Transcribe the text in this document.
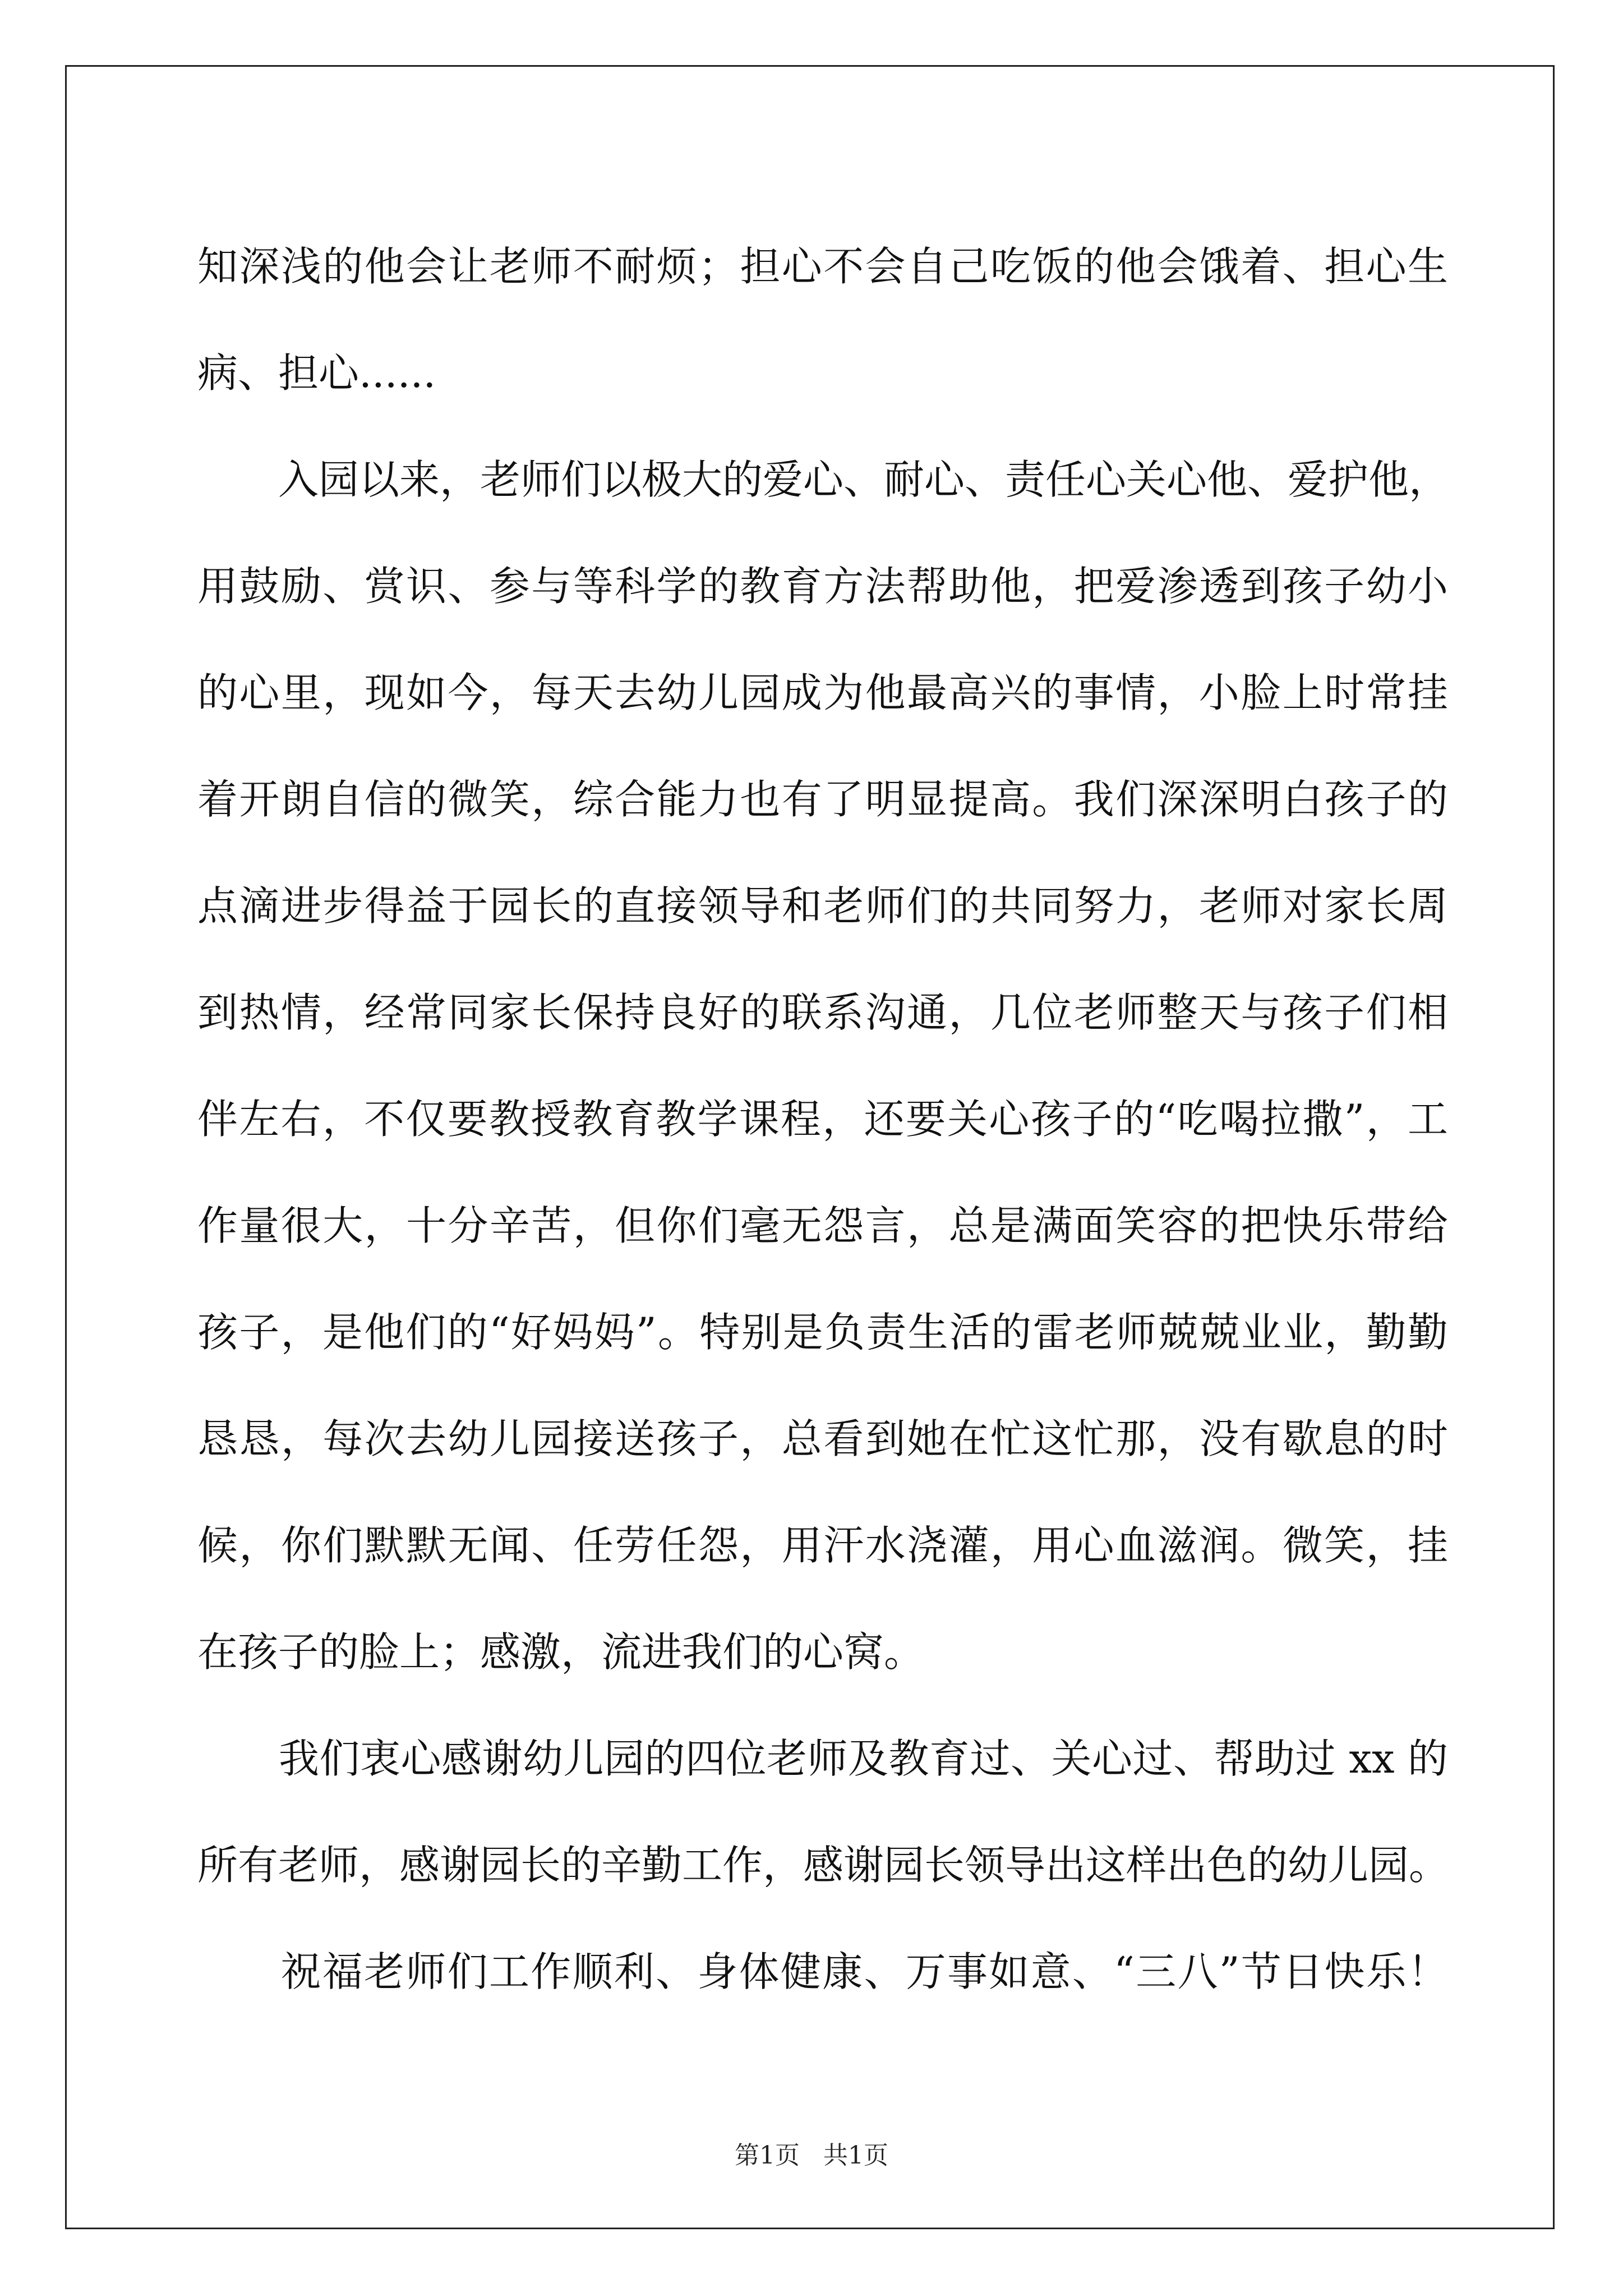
知深浅的他会让老师不耐烦；担心不会自己吃饭的他会饿着、担心生
病、担心......
　　入园以来，老师们以极大的爱心、耐心、责任心关心他、爱护他，
用鼓励、赏识、参与等科学的教育方法帮助他，把爱渗透到孩子幼小
的心里，现如今，每天去幼儿园成为他最高兴的事情，小脸上时常挂
着开朗自信的微笑，综合能力也有了明显提高。我们深深明白孩子的
点滴进步得益于园长的直接领导和老师们的共同努力，老师对家长周
到热情，经常同家长保持良好的联系沟通，几位老师整天与孩子们相
伴左右，不仅要教授教育教学课程，还要关心孩子的“吃喝拉撒”，工
作量很大，十分辛苦，但你们毫无怨言，总是满面笑容的把快乐带给
孩子，是他们的“好妈妈”。特别是负责生活的雷老师兢兢业业，勤勤
恳恳，每次去幼儿园接送孩子，总看到她在忙这忙那，没有歇息的时
候，你们默默无闻、任劳任怨，用汗水浇灌，用心血滋润。微笑，挂
在孩子的脸上；感激，流进我们的心窝。
　　我们衷心感谢幼儿园的四位老师及教育过、关心过、帮助过 xx 的
所有老师，感谢园长的辛勤工作，感谢园长领导出这样出色的幼儿园。
　　祝福老师们工作顺利、身体健康、万事如意、“三八”节日快乐！
第1页   共1页
